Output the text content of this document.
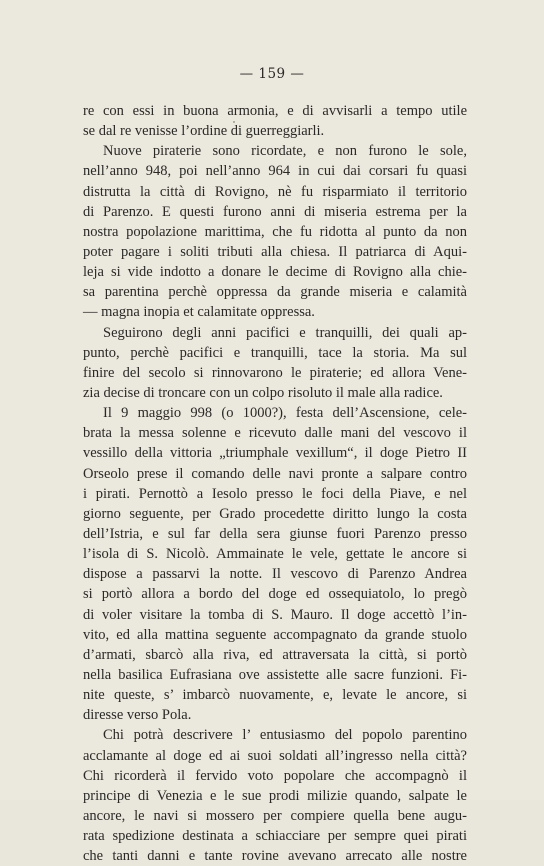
— 159 —
re con essi in buona armonia, e di avvisarli a tempo utile
se dal re venisse l’ordine di guerreggiarli.
Nuove piraterie sono ricordate, e non furono le sole,
nell’anno 948, poi nell’anno 964 in cui dai corsari fu quasi
distrutta la città di Rovigno, nè fu risparmiato il territorio
di Parenzo. E questi furono anni di miseria estrema per la
nostra popolazione marittima, che fu ridotta al punto da non
poter pagare i soliti tributi alla chiesa. Il patriarca di Aqui-
leja si vide indotto a donare le decime di Rovigno alla chie-
sa parentina perchè oppressa da grande miseria e calamità
— magna inopia et calamitate oppressa.
Seguirono degli anni pacifici e tranquilli, dei quali ap-
punto, perchè pacifici e tranquilli, tace la storia. Ma sul
finire del secolo si rinnovarono le piraterie; ed allora Vene-
zia decise di troncare con un colpo risoluto il male alla radice.
Il 9 maggio 998 (o 1000?), festa dell’Ascensione, cele-
brata la messa solenne e ricevuto dalle mani del vescovo il
vessillo della vittoria „triumphale vexillum“, il doge Pietro II
Orseolo prese il comando delle navi pronte a salpare contro
i pirati. Pernottò a Iesolo presso le foci della Piave, e nel
giorno seguente, per Grado procedette diritto lungo la costa
dell’Istria, e sul far della sera giunse fuori Parenzo presso
l’isola di S. Nicolò. Ammainate le vele, gettate le ancore si
dispose a passarvi la notte. Il vescovo di Parenzo Andrea
si portò allora a bordo del doge ed ossequiatolo, lo pregò
di voler visitare la tomba di S. Mauro. Il doge accettò l’in-
vito, ed alla mattina seguente accompagnato da grande stuolo
d’armati, sbarcò alla riva, ed attraversata la città, si portò
nella basilica Eufrasiana ove assistette alle sacre funzioni. Fi-
nite queste, s’ imbarcò nuovamente, e, levate le ancore, si
diresse verso Pola.
Chi potrà descrivere l’ entusiasmo del popolo parentino
acclamante al doge ed ai suoi soldati all’ingresso nella città?
Chi ricorderà il fervido voto popolare che accompagnò il
principe di Venezia e le sue prodi milizie quando, salpate le
ancore, le navi si mossero per compiere quella bene augu-
rata spedizione destinata a schiacciare per sempre quei pirati
che tanti danni e tante rovine avevano arrecato alle nostre
